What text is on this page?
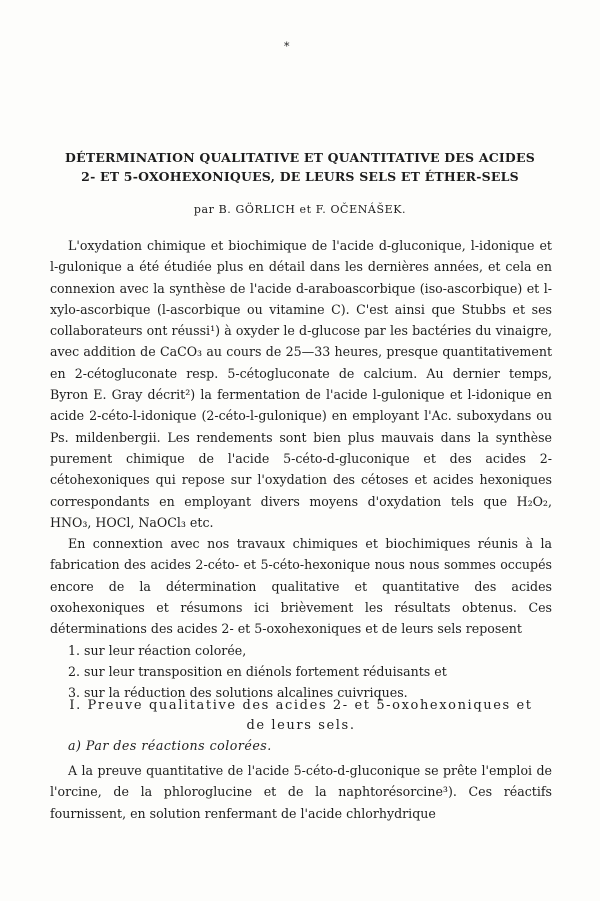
*
DÉTERMINATION QUALITATIVE ET QUANTITATIVE DES ACIDES
2- ET 5-OXOHEXONIQUES, DE LEURS SELS ET ÉTHER-SELS
par B. GÖRLICH et F. OČENÁŠEK.

L'oxydation chimique et biochimique de l'acide d-gluconique, l-idonique et l-gulonique a été étudiée plus en détail dans les dernières années, et cela en connexion avec la synthèse de l'acide d-araboascorbique (iso-ascorbique) et l-xylo-ascorbique (l-ascorbique ou vitamine C). C'est ainsi que Stubbs et ses collaborateurs ont réussi¹) à oxyder le d-glucose par les bactéries du vinaigre, avec addition de CaCO₃ au cours de 25—33 heures, presque quantitativement en 2-cétogluconate resp. 5-cétogluconate de calcium. Au dernier temps, Byron E. Gray décrit²) la fermentation de l'acide l-gulonique et l-idonique en acide 2-céto-l-idonique (2-céto-l-gulonique) en employant l'Ac. suboxydans ou Ps. mildenbergii. Les rendements sont bien plus mauvais dans la synthèse purement chimique de l'acide 5-céto-d-gluconique et des acides 2-cétohexoniques qui repose sur l'oxydation des cétoses et acides hexoniques correspondants en employant divers moyens d'oxydation tels que H₂O₂, HNO₃, HOCl, NaOCl₃ etc.

En connextion avec nos travaux chimiques et biochimiques réunis à la fabrication des acides 2-céto- et 5-céto-hexonique nous nous sommes occupés encore de la détermination qualitative et quantitative des acides oxohexoniques et résumons ici brièvement les résultats obtenus. Ces déterminations des acides 2- et 5-oxohexoniques et de leurs sels reposent

1. sur leur réaction colorée,
2. sur leur transposition en diénols fortement réduisants et
3. sur la réduction des solutions alcalines cuivriques.
I. Preuve qualitative des acides 2- et 5-oxohexoniques et
de leurs sels.
a) Par des réactions colorées.

A la preuve quantitative de l'acide 5-céto-d-gluconique se prête l'emploi de l'orcine, de la phloroglucine et de la naphtorésorcine³). Ces réactifs fournissent, en solution renfermant de l'acide chlorhydrique
